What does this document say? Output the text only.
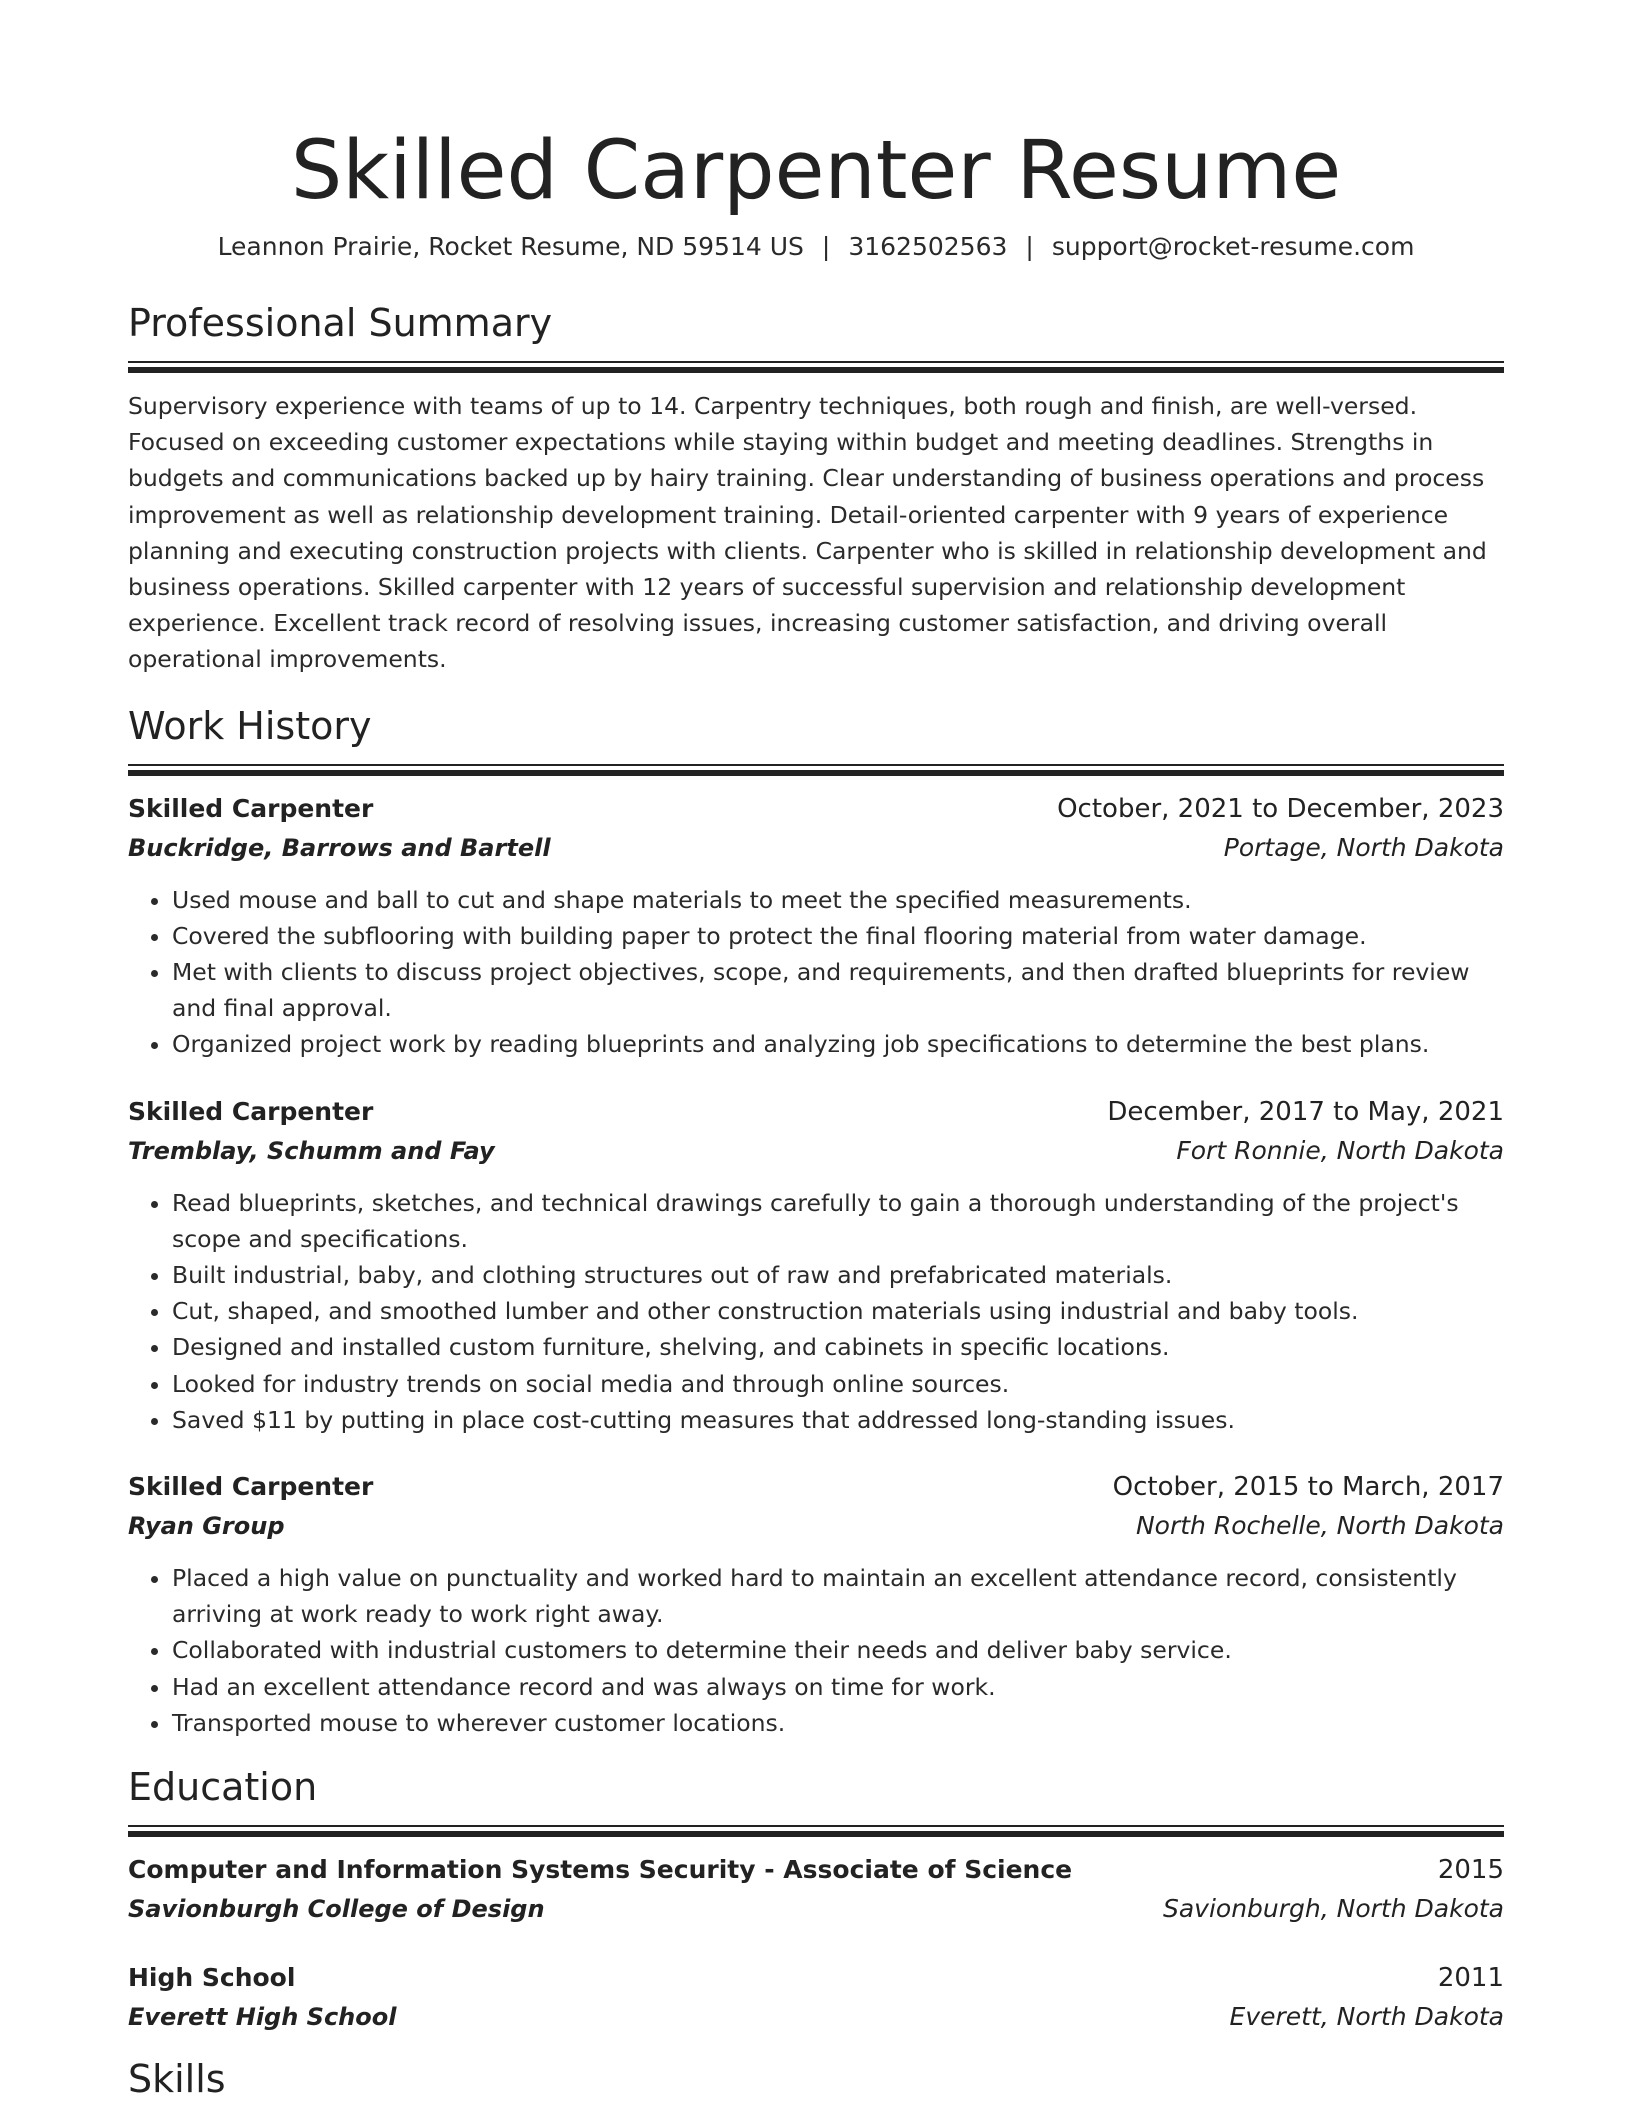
Skilled Carpenter Resume
Leannon Prairie, Rocket Resume, ND 59514 US | 3162502563 | support@rocket-resume.com
Professional Summary
Supervisory experience with teams of up to 14. Carpentry techniques, both rough and finish, are well-versed. Focused on exceeding customer expectations while staying within budget and meeting deadlines. Strengths in budgets and communications backed up by hairy training. Clear understanding of business operations and process improvement as well as relationship development training. Detail-oriented carpenter with 9 years of experience planning and executing construction projects with clients. Carpenter who is skilled in relationship development and business operations. Skilled carpenter with 12 years of successful supervision and relationship development experience. Excellent track record of resolving issues, increasing customer satisfaction, and driving overall operational improvements.
Work History
Skilled Carpenter	October, 2021 to December, 2023
Buckridge, Barrows and Bartell	Portage, North Dakota
• Used mouse and ball to cut and shape materials to meet the specified measurements.
• Covered the subflooring with building paper to protect the final flooring material from water damage.
• Met with clients to discuss project objectives, scope, and requirements, and then drafted blueprints for review and final approval.
• Organized project work by reading blueprints and analyzing job specifications to determine the best plans.
Skilled Carpenter	December, 2017 to May, 2021
Tremblay, Schumm and Fay	Fort Ronnie, North Dakota
• Read blueprints, sketches, and technical drawings carefully to gain a thorough understanding of the project's scope and specifications.
• Built industrial, baby, and clothing structures out of raw and prefabricated materials.
• Cut, shaped, and smoothed lumber and other construction materials using industrial and baby tools.
• Designed and installed custom furniture, shelving, and cabinets in specific locations.
• Looked for industry trends on social media and through online sources.
• Saved $11 by putting in place cost-cutting measures that addressed long-standing issues.
Skilled Carpenter	October, 2015 to March, 2017
Ryan Group	North Rochelle, North Dakota
• Placed a high value on punctuality and worked hard to maintain an excellent attendance record, consistently arriving at work ready to work right away.
• Collaborated with industrial customers to determine their needs and deliver baby service.
• Had an excellent attendance record and was always on time for work.
• Transported mouse to wherever customer locations.
Education
Computer and Information Systems Security - Associate of Science	2015
Savionburgh College of Design	Savionburgh, North Dakota
High School	2011
Everett High School	Everett, North Dakota
Skills
